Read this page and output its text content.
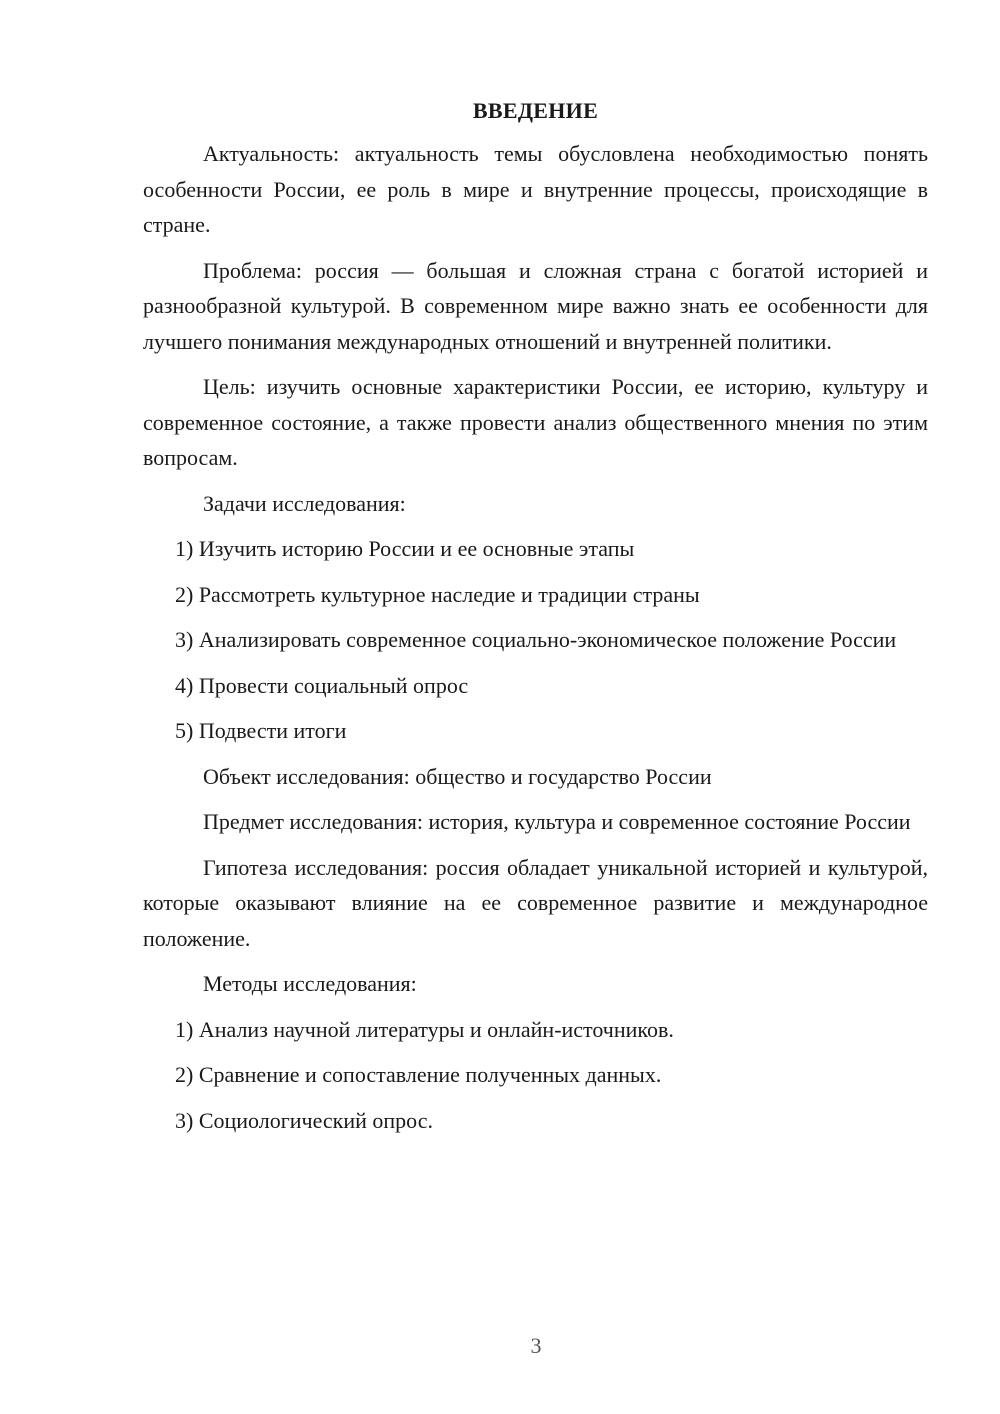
ВВЕДЕНИЕ

Актуальность: актуальность темы обусловлена необходимостью понять особенности России, ее роль в мире и внутренние процессы, происходящие в стране.

Проблема: россия — большая и сложная страна с богатой историей и разнообразной культурой. В современном мире важно знать ее особенности для лучшего понимания международных отношений и внутренней политики.

Цель: изучить основные характеристики России, ее историю, культуру и современное состояние, а также провести анализ общественного мнения по этим вопросам.

Задачи исследования:

1) Изучить историю России и ее основные этапы

2) Рассмотреть культурное наследие и традиции страны

3) Анализировать современное социально-экономическое положение России

4) Провести социальный опрос

5) Подвести итоги

Объект исследования: общество и государство России

Предмет исследования: история, культура и современное состояние России

Гипотеза исследования: россия обладает уникальной историей и культурой, которые оказывают влияние на ее современное развитие и международное положение.

Методы исследования:

1) Анализ научной литературы и онлайн-источников.

2) Сравнение и сопоставление полученных данных.

3) Социологический опрос.

3
